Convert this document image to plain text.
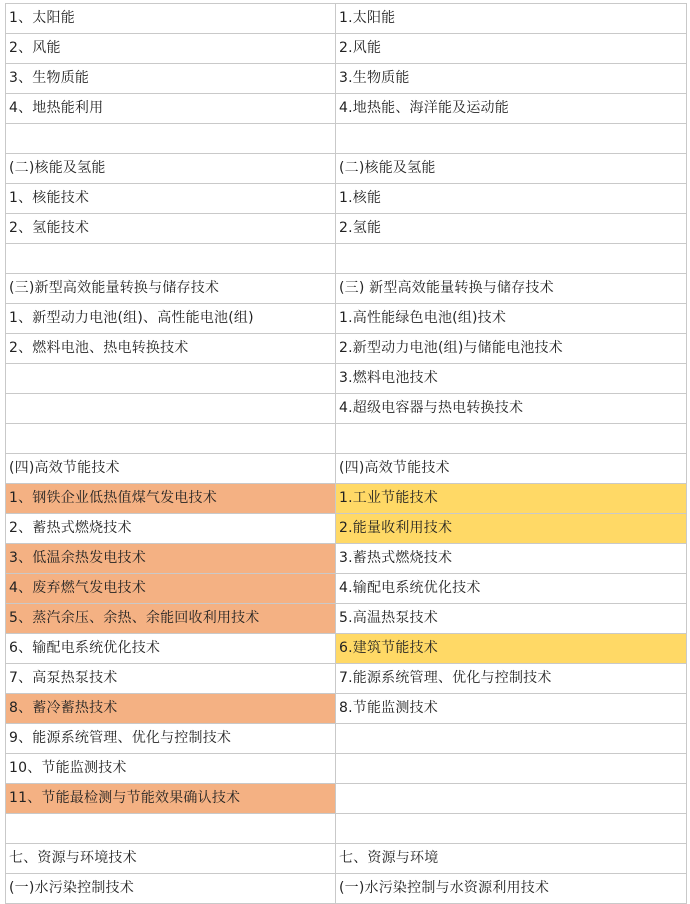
1、太阳能	1.太阳能
2、风能	2.风能
3、生物质能	3.生物质能
4、地热能利用	4.地热能、海洋能及运动能

(二)核能及氢能	(二)核能及氢能
1、核能技术	1.核能
2、氢能技术	2.氢能

(三)新型高效能量转换与储存技术	(三) 新型高效能量转换与储存技术
1、新型动力电池(组)、高性能电池(组)	1.高性能绿色电池(组)技术
2、燃料电池、热电转换技术	2.新型动力电池(组)与储能电池技术
	3.燃料电池技术
	4.超级电容器与热电转换技术

(四)高效节能技术	(四)高效节能技术
1、钢铁企业低热值煤气发电技术	1.工业节能技术
2、蓄热式燃烧技术	2.能量收利用技术
3、低温余热发电技术	3.蓄热式燃烧技术
4、废弃燃气发电技术	4.输配电系统优化技术
5、蒸汽余压、余热、余能回收利用技术	5.高温热泵技术
6、输配电系统优化技术	6.建筑节能技术
7、高泵热泵技术	7.能源系统管理、优化与控制技术
8、蓄冷蓄热技术	8.节能监测技术
9、能源系统管理、优化与控制技术	
10、节能监测技术	
11、节能最检测与节能效果确认技术	

七、资源与环境技术	七、资源与环境
(一)水污染控制技术	(一)水污染控制与水资源利用技术
